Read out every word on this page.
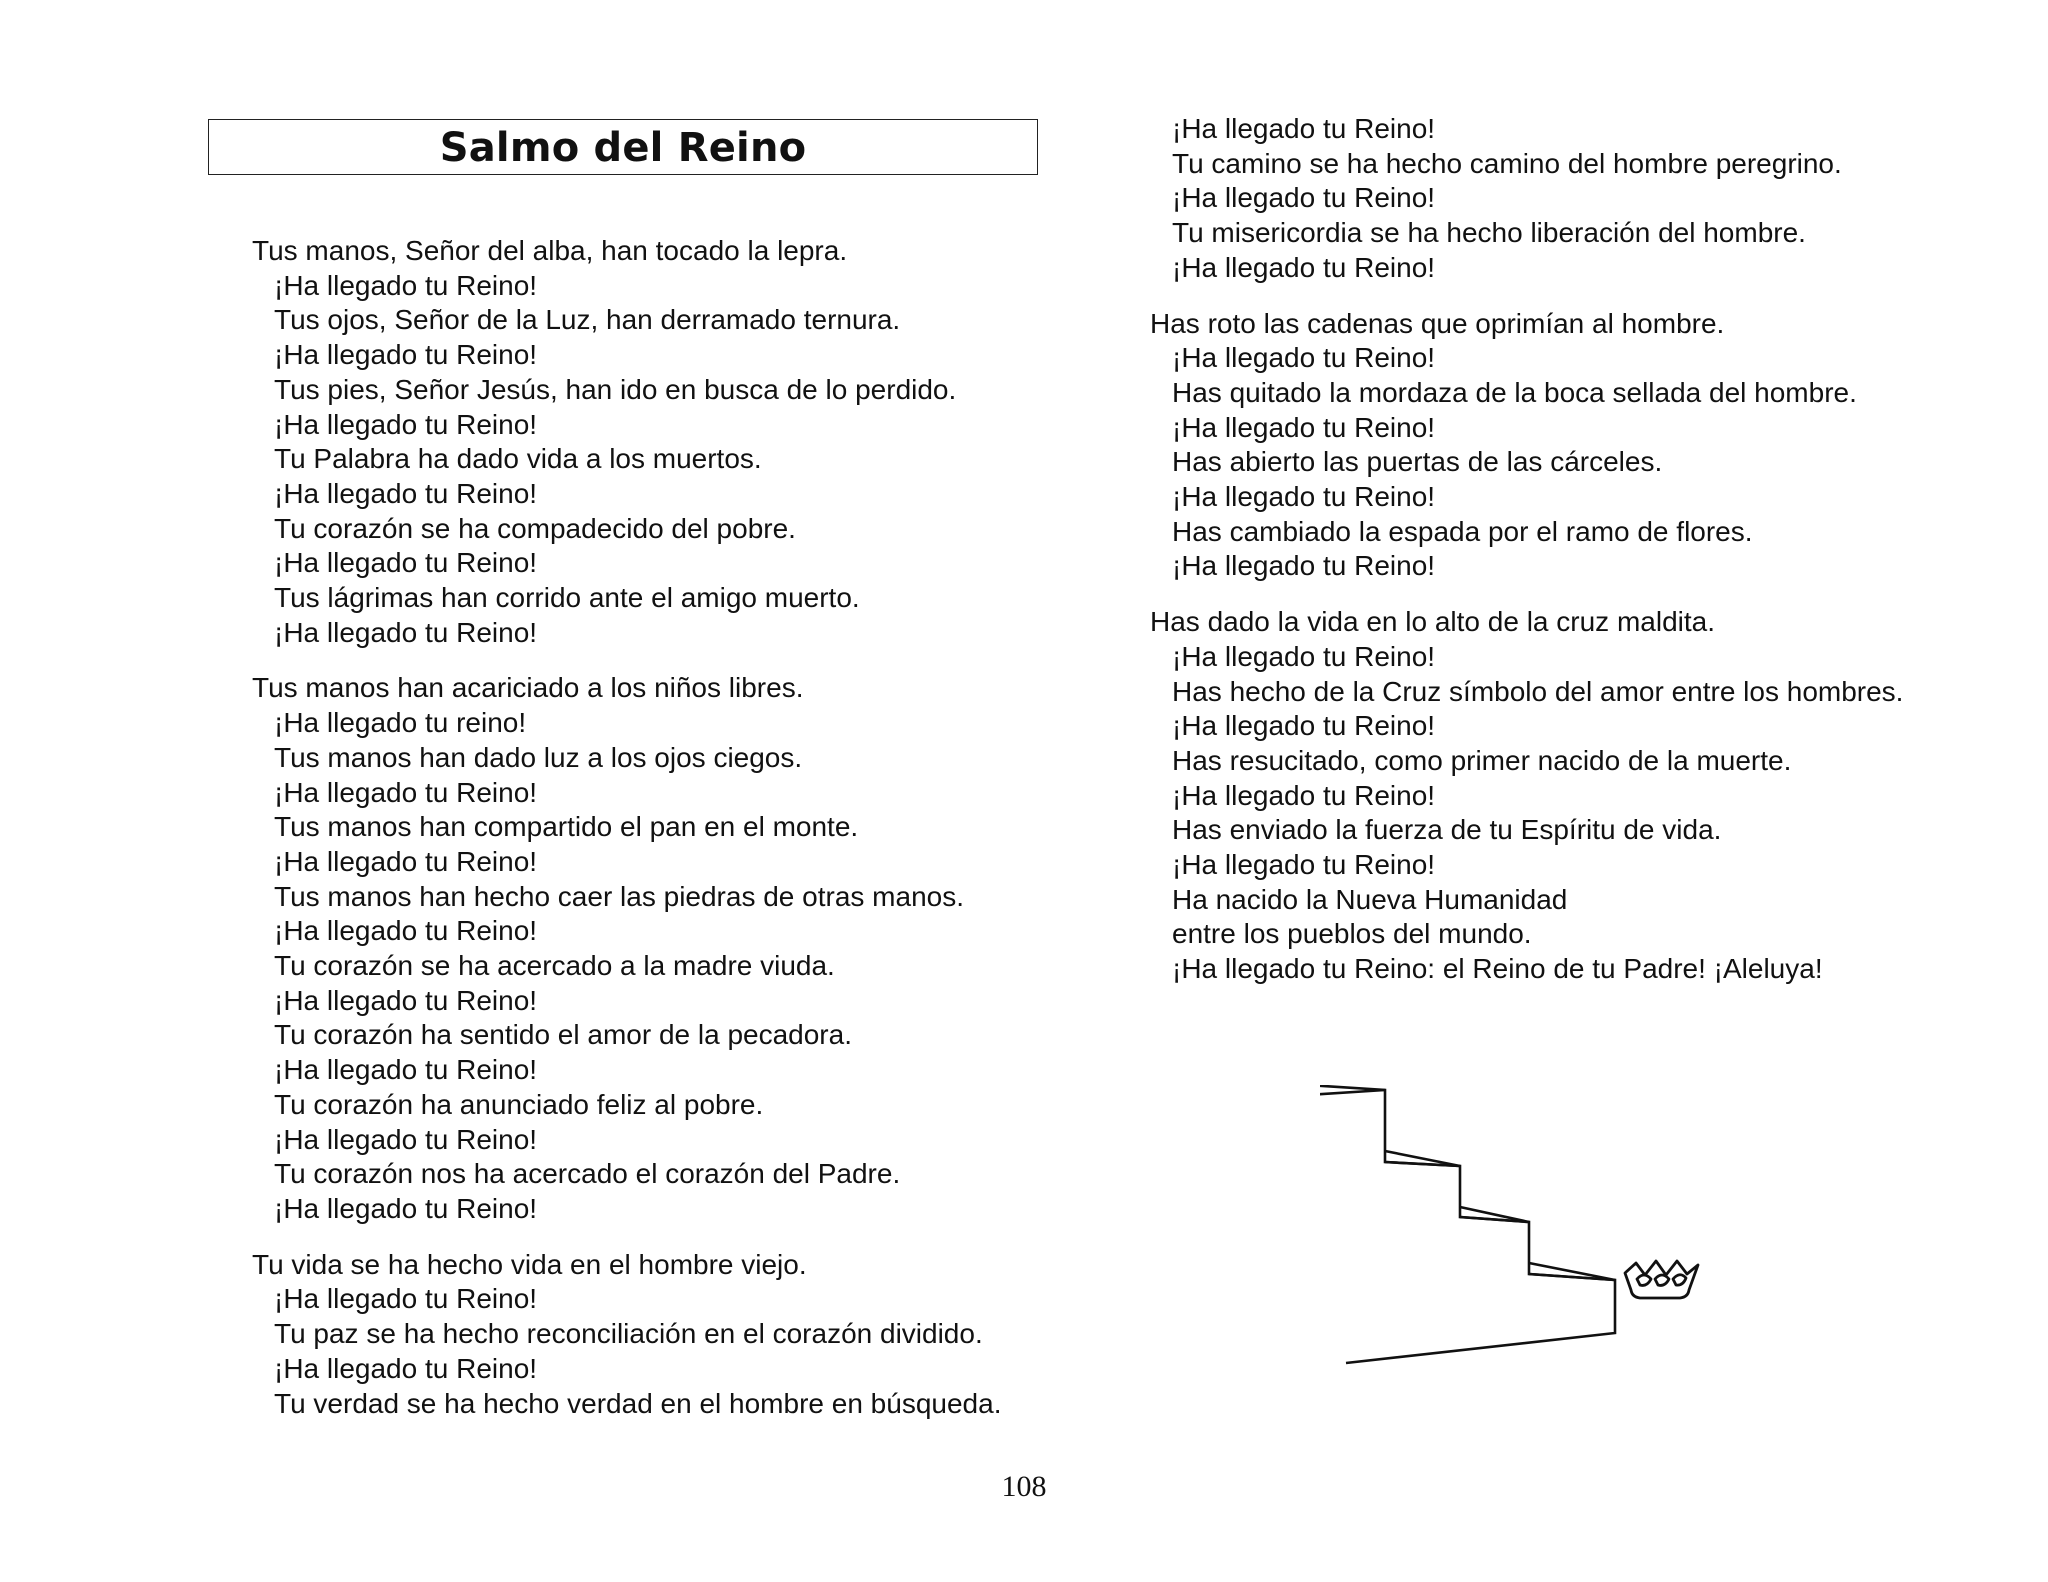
Salmo del Reino
Tus manos, Señor del alba, han tocado la lepra.
¡Ha llegado tu Reino!
Tus ojos, Señor de la Luz, han derramado ternura.
¡Ha llegado tu Reino!
Tus pies, Señor Jesús, han ido en busca de lo perdido.
¡Ha llegado tu Reino!
Tu Palabra ha dado vida a los muertos.
¡Ha llegado tu Reino!
Tu corazón se ha compadecido del pobre.
¡Ha llegado tu Reino!
Tus lágrimas han corrido ante el amigo muerto.
¡Ha llegado tu Reino!
Tus manos han acariciado a los niños libres.
¡Ha llegado tu reino!
Tus manos han dado luz a los ojos ciegos.
¡Ha llegado tu Reino!
Tus manos han compartido el pan en el monte.
¡Ha llegado tu Reino!
Tus manos han hecho caer las piedras de otras manos.
¡Ha llegado tu Reino!
Tu corazón se ha acercado a la madre viuda.
¡Ha llegado tu Reino!
Tu corazón ha sentido el amor de la pecadora.
¡Ha llegado tu Reino!
Tu corazón ha anunciado feliz al pobre.
¡Ha llegado tu Reino!
Tu corazón nos ha acercado el corazón del Padre.
¡Ha llegado tu Reino!
Tu vida se ha hecho vida en el hombre viejo.
¡Ha llegado tu Reino!
Tu paz se ha hecho reconciliación en el corazón dividido.
¡Ha llegado tu Reino!
Tu verdad se ha hecho verdad en el hombre en búsqueda.
¡Ha llegado tu Reino!
Tu camino se ha hecho camino del hombre peregrino.
¡Ha llegado tu Reino!
Tu misericordia se ha hecho liberación del hombre.
¡Ha llegado tu Reino!
Has roto las cadenas que oprimían al hombre.
¡Ha llegado tu Reino!
Has quitado la mordaza de la boca sellada del hombre.
¡Ha llegado tu Reino!
Has abierto las puertas de las cárceles.
¡Ha llegado tu Reino!
Has cambiado la espada por el ramo de flores.
¡Ha llegado tu Reino!
Has dado la vida en lo alto de la cruz maldita.
¡Ha llegado tu Reino!
Has hecho de la Cruz símbolo del amor entre los hombres.
¡Ha llegado tu Reino!
Has resucitado, como primer nacido de la muerte.
¡Ha llegado tu Reino!
Has enviado la fuerza de tu Espíritu de vida.
¡Ha llegado tu Reino!
Ha nacido la Nueva Humanidad
entre los pueblos del mundo.
¡Ha llegado tu Reino: el Reino de tu Padre! ¡Aleluya!
108
